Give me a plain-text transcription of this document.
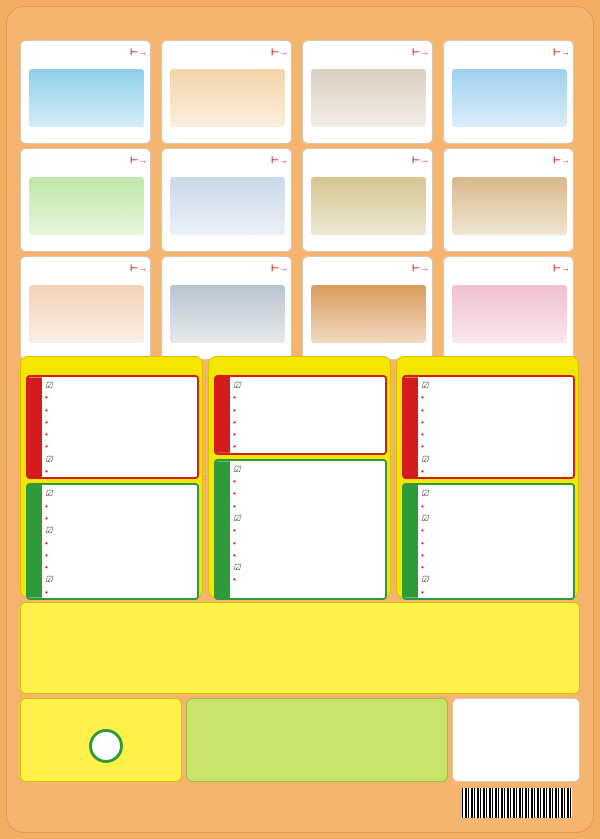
⊢→	⊢→	⊢→	⊢→
⊢→	⊢→	⊢→	⊢→
⊢→	⊢→	⊢→	⊢→
☑
•
•
•
•
•
☑
•
☑
•
•
☑
•
•
•
☑
•
☑
•
•
•
•
•
☑
•
•
•
☑
•
•
•
☑
•
☑
•
•
•
•
•
☑
•
☑
•
☑
•
•
•
•
☑
•
